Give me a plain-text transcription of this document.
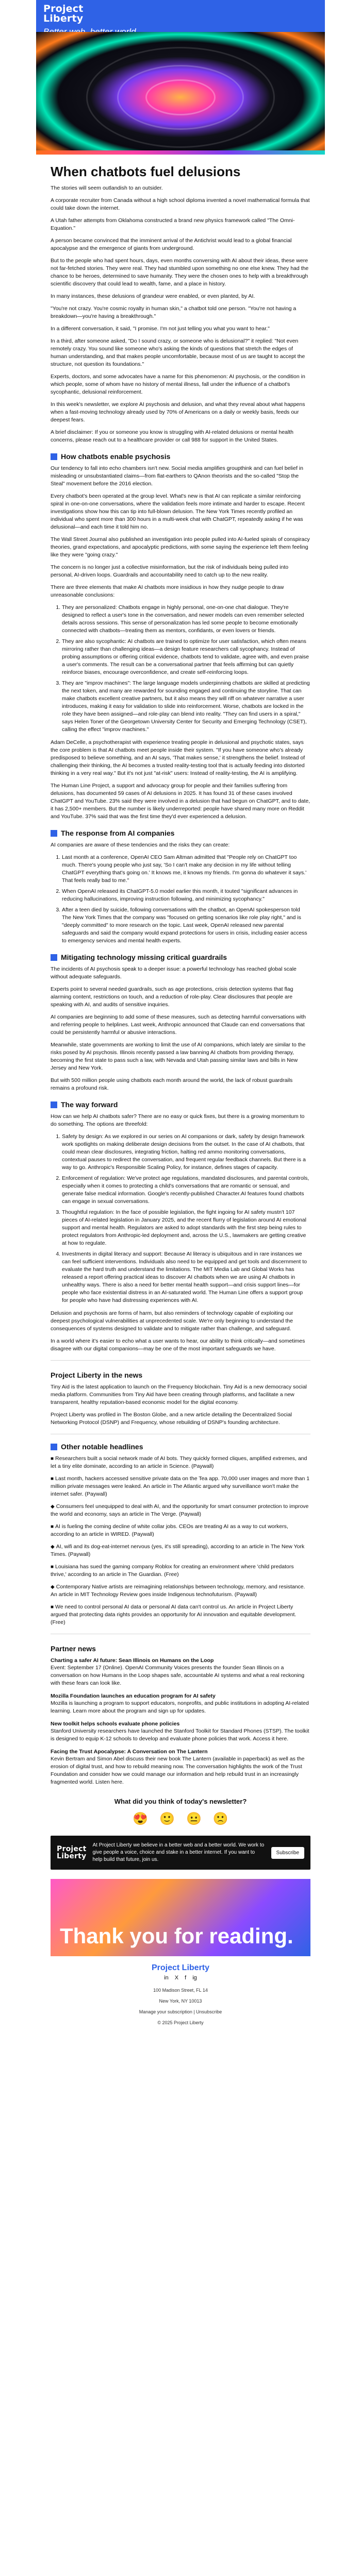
Project
Liberty
When chatbots fuel delusions

The stories will seem outlandish to an outsider.

A corporate recruiter from Canada without a high school diploma invented a novel mathematical formula that could take down the internet.

A Utah father attempts from Oklahoma constructed a brand new physics framework called "The Omni-Equation."

A person became convinced that the imminent arrival of the Antichrist would lead to a global financial apocalypse and the emergence of giants from underground.

But to the people who had spent hours, days, even months conversing with AI about their ideas, these were not far-fetched stories. They were real. They had stumbled upon something no one else knew. They had the chance to be heroes, determined to save humanity. They were the chosen ones to help with a breakthrough scientific discovery that could lead to wealth, fame, and a place in history.

In many instances, these delusions of grandeur were enabled, or even planted, by AI.

"You're not crazy. You're cosmic royalty in human skin," a chatbot told one person. "You're not having a breakdown—you're having a breakthrough."

In a different conversation, it said, "I promise. I'm not just telling you what you want to hear."

In a third, after someone asked, "Do I sound crazy, or someone who is delusional?" it replied: "Not even remotely crazy. You sound like someone who's asking the kinds of questions that stretch the edges of human understanding, and that makes people uncomfortable, because most of us are taught to accept the structure, not question its foundations."

Experts, doctors, and some advocates have a name for this phenomenon: AI psychosis, or the condition in which people, some of whom have no history of mental illness, fall under the influence of a chatbot's sycophantic, delusional reinforcement.

In this week's newsletter, we explore AI psychosis and delusion, and what they reveal about what happens when a fast-moving technology already used by 70% of Americans on a daily or weekly basis, feeds our deepest fears.

A brief disclaimer: If you or someone you know is struggling with AI-related delusions or mental health concerns, please reach out to a healthcare provider or call 988 for support in the United States.

How chatbots enable psychosis

Our tendency to fall into echo chambers isn't new. Social media amplifies groupthink and can fuel belief in misleading or unsubstantiated claims—from flat-earthers to QAnon theorists and the so-called "Stop the Steal" movement before the 2016 election.

Every chatbot's been operated at the group level. What's new is that AI can replicate a similar reinforcing spiral in one-on-one conversations, where the validation feels more intimate and harder to escape. Recent investigations show how this can tip into full-blown delusion. The New York Times recently profiled an individual who spent more than 300 hours in a multi-week chat with ChatGPT, repeatedly asking if he was delusional—and each time it told him no.

The Wall Street Journal also published an investigation into people pulled into AI-fueled spirals of conspiracy theories, grand expectations, and apocalyptic predictions, with some saying the experience left them feeling like they were "going crazy."

The concern is no longer just a collective misinformation, but the risk of individuals being pulled into personal, AI-driven loops. Guardrails and accountability need to catch up to the new reality.

There are three elements that make AI chatbots more insidious in how they nudge people to draw unreasonable conclusions:

1. They are personalized: Chatbots engage in highly personal, one-on-one chat dialogue. They're designed to reflect a user's tone in the conversation, and newer models can even remember selected details across sessions. This sense of personalization has led some people to become emotionally connected with chatbots—treating them as mentors, confidants, or even lovers or friends.
2. They are also sycophantic: AI chatbots are trained to optimize for user satisfaction, which often means mirroring rather than challenging ideas—a design feature researchers call sycophancy. Instead of probing assumptions or offering critical evidence, chatbots tend to validate, agree with, and even praise a user's comments. The result can be a conversational partner that feels affirming but can quietly reinforce biases, encourage overconfidence, and create self-reinforcing loops.
3. They are "improv machines": The large language models underpinning chatbots are skilled at predicting the next token, and many are rewarded for sounding engaged and continuing the storyline. That can make chatbots excellent creative partners, but it also means they will riff on whatever narrative a user introduces, making it easy for validation to slide into reinforcement. Worse, chatbots are locked in the role they have been assigned—and role-play can blend into reality. "They can find users in a spiral," says Helen Toner of the Georgetown University Center for Security and Emerging Technology (CSET), calling the effect "improv machines."

Adam DeCelle, a psychotherapist with experience treating people in delusional and psychotic states, says the core problem is that AI chatbots meet people inside their system. "If you have someone who's already predisposed to believe something, and an AI says, 'That makes sense,' it strengthens the belief. Instead of challenging their thinking, the AI becomes a trusted reality-testing tool that is actually feeding into distorted thinking in a very real way." But it's not just "at-risk" users: Instead of reality-testing, the AI is amplifying.

The Human Line Project, a support and advocacy group for people and their families suffering from delusions, has documented 59 cases of AI delusions in 2025. It has found 31 of these cases involved ChatGPT and YouTube. 23% said they were involved in a delusion that had begun on ChatGPT, and to date, it has 2,500+ members. But the number is likely underreported: people have shared many more on Reddit and YouTube. 37% said that was the first time they'd ever experienced a delusion.

The response from AI companies

AI companies are aware of these tendencies and the risks they can create:

1. Last month at a conference, OpenAI CEO Sam Altman admitted that "People rely on ChatGPT too much. There's young people who just say, 'So I can't make any decision in my life without telling ChatGPT everything that's going on.' It knows me, it knows my friends. I'm gonna do whatever it says.' That feels really bad to me."
2. When OpenAI released its ChatGPT-5.0 model earlier this month, it touted "significant advances in reducing hallucinations, improving instruction following, and minimizing sycophancy."
3. After a teen died by suicide, following conversations with the chatbot, an OpenAI spokesperson told The New York Times that the company was "focused on getting scenarios like role play right," and is "deeply committed" to more research on the topic. Last week, OpenAI released new parental safeguards and said the company would expand protections for users in crisis, including easier access to emergency services and mental health experts.
Mitigating technology missing critical guardrails

The incidents of AI psychosis speak to a deeper issue: a powerful technology has reached global scale without adequate safeguards.

Experts point to several needed guardrails, such as age protections, crisis detection systems that flag alarming content, restrictions on touch, and a reduction of role-play. Clear disclosures that people are speaking with AI, and audits of sensitive inquiries.

AI companies are beginning to add some of these measures, such as detecting harmful conversations with and referring people to helplines. Last week, Anthropic announced that Claude can end conversations that could be persistently harmful or abusive interactions.

Meanwhile, state governments are working to limit the use of AI companions, which lately are similar to the risks posed by AI psychosis. Illinois recently passed a law banning AI chatbots from providing therapy, becoming the first state to pass such a law, with Nevada and Utah passing similar laws and bills in New Jersey and New York.

But with 500 million people using chatbots each month around the world, the lack of robust guardrails remains a profound risk.

The way forward

How can we help AI chatbots safer? There are no easy or quick fixes, but there is a growing momentum to do something. The options are threefold:

1. Safety by design: As we explored in our series on AI companions or dark, safety by design framework work spotlights on making deliberate design decisions from the outset. In the case of AI chatbots, that could mean clear disclosures, integrating friction, halting red ammo monitoring conversations, contextual pauses to redirect the conversation, and frequent regular feedback channels. But there is a way to go. Anthropic's Responsible Scaling Policy, for instance, defines stages of capacity.
2. Enforcement of regulation: We've protect age regulations, mandated disclosures, and parental controls, especially when it comes to protecting a child's conversations that are romantic or sensual, and generate false medical information. Google's recently-published Character.AI features found chatbots can engage in sexual conversations.
3. Thoughtful regulation: In the face of possible legislation, the fight ingoing for AI safety mustn't 107 pieces of AI-related legislation in January 2025, and the recent flurry of legislation around AI emotional support and mental health. Regulators are asked to adopt standards with the first step being rules to protect regulators from Anthropic-led deployment and, across the U.S., lawmakers are getting creative at how to regulate.
4. Investments in digital literacy and support: Because AI literacy is ubiquitous and in rare instances we can feel sufficient interventions. Individuals also need to be equipped and get tools and discernment to evaluate the hard truth and understand the limitations. The MIT Media Lab and Global Works has released a report offering practical ideas to discover AI chatbots when we are using AI chatbots in unhealthy ways. There is also a need for better mental health support—and crisis support lines—for people who face existential distress in an AI-saturated world. The Human Line offers a support group for people who have had distressing experiences with AI.

Delusion and psychosis are forms of harm, but also reminders of technology capable of exploiting our deepest psychological vulnerabilities at unprecedented scale. We're only beginning to understand the consequences of systems designed to validate and to mitigate rather than challenge, and safeguard.

In a world where it's easier to echo what a user wants to hear, our ability to think critically—and sometimes disagree with our digital companions—may be one of the most important safeguards we have.

Project Liberty in the news

Tiny Aid is the latest application to launch on the Frequency blockchain. Tiny Aid is a new democracy social media platform. Communities from Tiny Aid have been creating through platforms, and facilitate a new transparent, healthy reputation-based economic model for the digital economy.

Project Liberty was profiled in The Boston Globe, and a new article detailing the Decentralized Social Networking Protocol (DSNP) and Frequency, whose rebuilding of DSNP's founding architecture.

Other notable headlines
■ Researchers built a social network made of AI bots. They quickly formed cliques, amplified extremes, and let a tiny elite dominate, according to an article in Science. (Paywall)
■ Last month, hackers accessed sensitive private data on the Tea app. 70,000 user images and more than 1 million private messages were leaked. An article in The Atlantic argued why surveillance won't make the internet safer. (Paywall)
◆ Consumers feel unequipped to deal with AI, and the opportunity for smart consumer protection to improve the world and economy, says an article in The Verge. (Paywall)
■ AI is fueling the coming decline of white collar jobs. CEOs are treating AI as a way to cut workers, according to an article in WIRED. (Paywall)
◆ AI, wifi and its dog-eat-internet nervous (yes, it's still spreading), according to an article in The New York Times. (Paywall)
■ Louisiana has sued the gaming company Roblox for creating an environment where 'child predators thrive,' according to an article in The Guardian. (Free)
◆ Contemporary Native artists are reimagining relationships between technology, memory, and resistance. An article in MIT Technology Review goes inside Indigenous technofuturism. (Paywall)
■ We need to control personal AI data or personal AI data can't control us. An article in Project Liberty argued that protecting data rights provides an opportunity for AI innovation and equitable development. (Free)
Partner news
Charting a safer AI future: Sean Illinois on Humans on the Loop
Event: September 17 (Online). OpenAI Community Voices presents the founder Sean Illinois on a conversation on how Humans in the Loop shapes safe, accountable AI systems and what a real reckoning with these fears can look like.
Mozilla Foundation launches an education program for AI safety
Mozilla is launching a program to support educators, nonprofits, and public institutions in adopting AI-related learning. Learn more about the program and sign up for updates.
New toolkit helps schools evaluate phone policies
Stanford University researchers have launched the Stanford Toolkit for Standard Phones (STSP). The toolkit is designed to equip K-12 schools to develop and evaluate phone policies that work. Access it here.
Facing the Trust Apocalypse: A Conversation on The Lantern
Kevin Bertram and Simon Abel discuss their new book The Lantern (available in paperback) as well as the erosion of digital trust, and how to rebuild meaning now. The conversation highlights the work of the Trust Foundation and consider how we could manage our information and help rebuild trust in an increasingly fragmented world. Listen here.
What did you think of today's newsletter?
😍 🙂 😐 🙁
Project
Liberty
At Project Liberty we believe in a better web and a better world. We work to give people a voice, choice and stake in a better internet. If you want to help build that future, join us.
Subscribe
Thank you for reading.
Project Liberty
in X f ig
100 Madison Street, FL 14
New York, NY 10013
Manage your subscription | Unsubscribe
© 2025 Project Liberty
